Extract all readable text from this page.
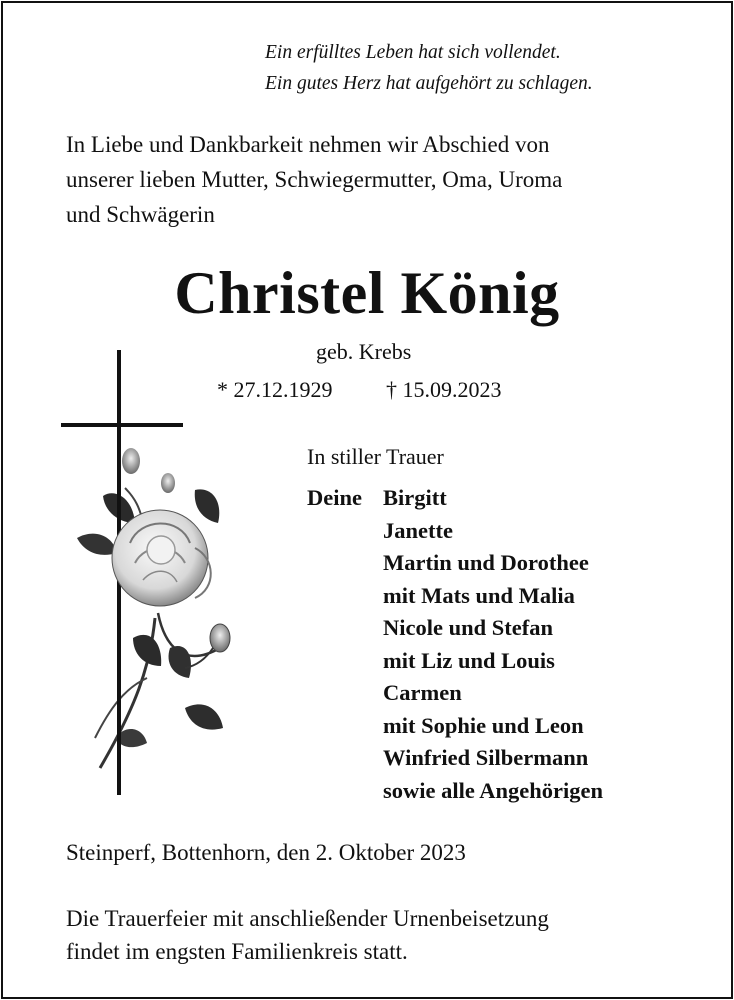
Ein erfülltes Leben hat sich vollendet.
Ein gutes Herz hat aufgehört zu schlagen.
In Liebe und Dankbarkeit nehmen wir Abschied von
unserer lieben Mutter, Schwiegermutter, Oma, Uroma
und Schwägerin
Christel König
geb. Krebs
* 27.12.1929 † 15.09.2023
In stiller Trauer
Deine Birgitt
Janette
Martin und Dorothee
mit Mats und Malia
Nicole und Stefan
mit Liz und Louis
Carmen
mit Sophie und Leon
Winfried Silbermann
sowie alle Angehörigen
Steinperf, Bottenhorn, den 2. Oktober 2023
Die Trauerfeier mit anschließender Urnenbeisetzung
findet im engsten Familienkreis statt.
